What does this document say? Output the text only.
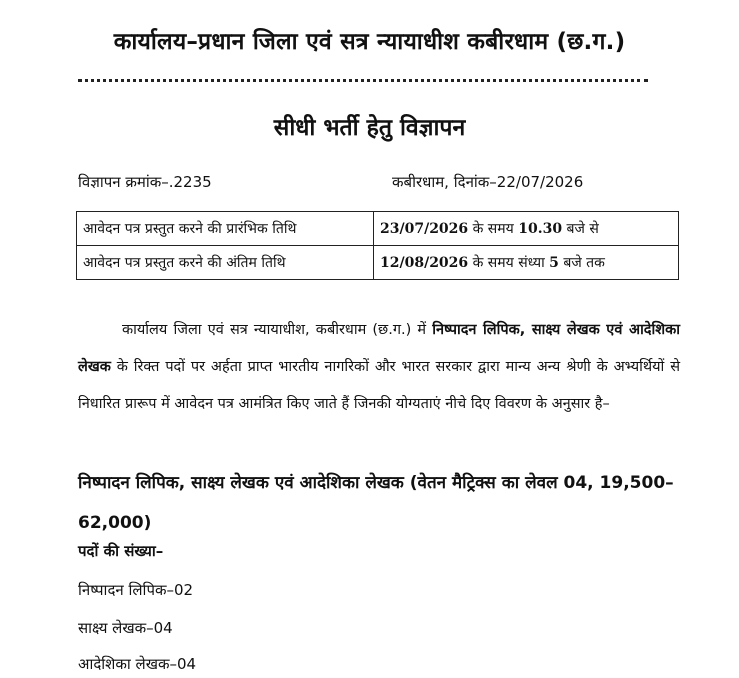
कार्यालय–प्रधान जिला एवं सत्र न्यायाधीश कबीरधाम (छ.ग.)
सीधी भर्ती हेतु विज्ञापन
विज्ञापन क्रमांक–.2235	कबीरधाम, दिनांक–22/07/2026
आवेदन पत्र प्रस्तुत करने की प्रारंभिक तिथि	23/07/2026 के समय 10.30 बजे से
आवेदन पत्र प्रस्तुत करने की अंतिम तिथि	12/08/2026 के समय संध्या 5 बजे तक
कार्यालय जिला एवं सत्र न्यायाधीश, कबीरधाम (छ.ग.) में निष्पादन लिपिक, साक्ष्य लेखक एवं आदेशिका लेखक के रिक्त पदों पर अर्हता प्राप्त भारतीय नागरिकों और भारत सरकार द्वारा मान्य अन्य श्रेणी के अभ्यर्थियों से निधारित प्रारूप में आवेदन पत्र आमंत्रित किए जाते हैं जिनकी योग्यताएं नीचे दिए विवरण के अनुसार है–
निष्पादन लिपिक, साक्ष्य लेखक एवं आदेशिका लेखक (वेतन मैट्रिक्स का लेवल 04, 19,500–62,000)
पदों की संख्या–
निष्पादन लिपिक–02
साक्ष्य लेखक–04
आदेशिका लेखक–04
